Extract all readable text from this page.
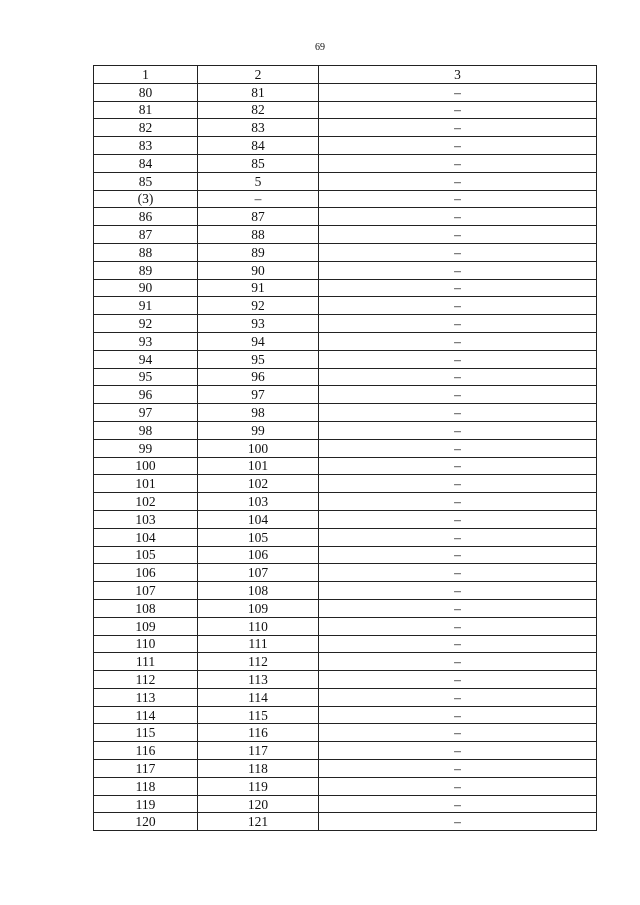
69
1	2	3
80	81	–
81	82	–
82	83	–
83	84	–
84	85	–
85	5	–
(3)	–	–
86	87	–
87	88	–
88	89	–
89	90	–
90	91	–
91	92	–
92	93	–
93	94	–
94	95	–
95	96	–
96	97	–
97	98	–
98	99	–
99	100	–
100	101	–
101	102	–
102	103	–
103	104	–
104	105	–
105	106	–
106	107	–
107	108	–
108	109	–
109	110	–
110	111	–
111	112	–
112	113	–
113	114	–
114	115	–
115	116	–
116	117	–
117	118	–
118	119	–
119	120	–
120	121	–
